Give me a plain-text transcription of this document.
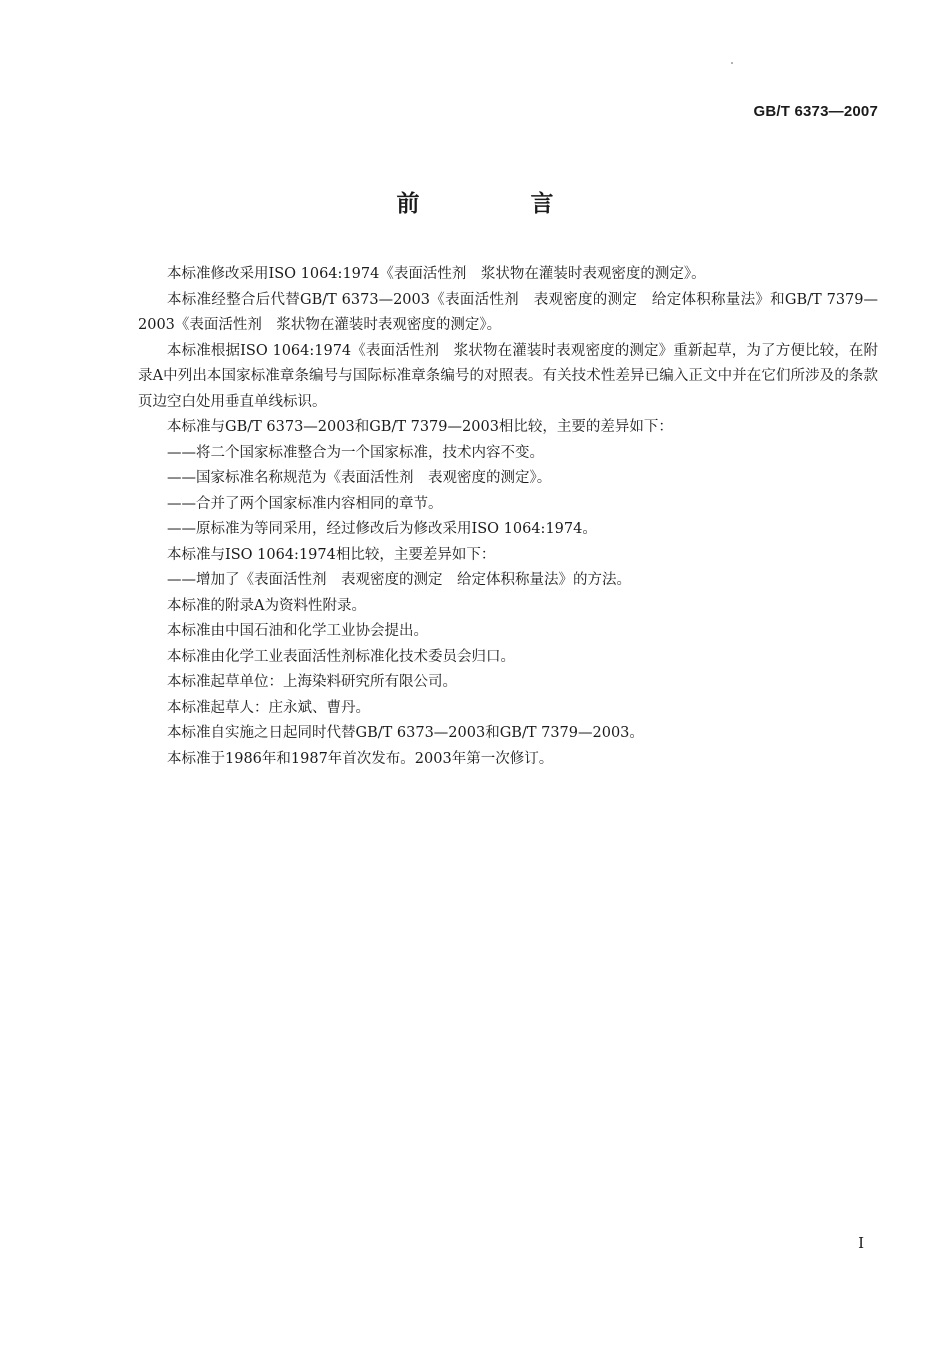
GB/T 6373—2007
前　言

本标准修改采用ISO 1064:1974《表面活性剂　浆状物在灌装时表观密度的测定》。

本标准经整合后代替GB/T 6373—2003《表面活性剂　表观密度的测定　给定体积称量法》和GB/T 7379—2003《表面活性剂　浆状物在灌装时表观密度的测定》。

本标准根据ISO 1064:1974《表面活性剂　浆状物在灌装时表观密度的测定》重新起草，为了方便比较，在附录A中列出本国家标准章条编号与国际标准章条编号的对照表。有关技术性差异已编入正文中并在它们所涉及的条款页边空白处用垂直单线标识。

本标准与GB/T 6373—2003和GB/T 7379—2003相比较，主要的差异如下：

——将二个国家标准整合为一个国家标准，技术内容不变。

——国家标准名称规范为《表面活性剂　表观密度的测定》。

——合并了两个国家标准内容相同的章节。

——原标准为等同采用，经过修改后为修改采用ISO 1064:1974。

本标准与ISO 1064:1974相比较，主要差异如下：

——增加了《表面活性剂　表观密度的测定　给定体积称量法》的方法。

本标准的附录A为资料性附录。

本标准由中国石油和化学工业协会提出。

本标准由化学工业表面活性剂标准化技术委员会归口。

本标准起草单位：上海染料研究所有限公司。

本标准起草人：庄永斌、曹丹。

本标准自实施之日起同时代替GB/T 6373—2003和GB/T 7379—2003。

本标准于1986年和1987年首次发布。2003年第一次修订。

I
